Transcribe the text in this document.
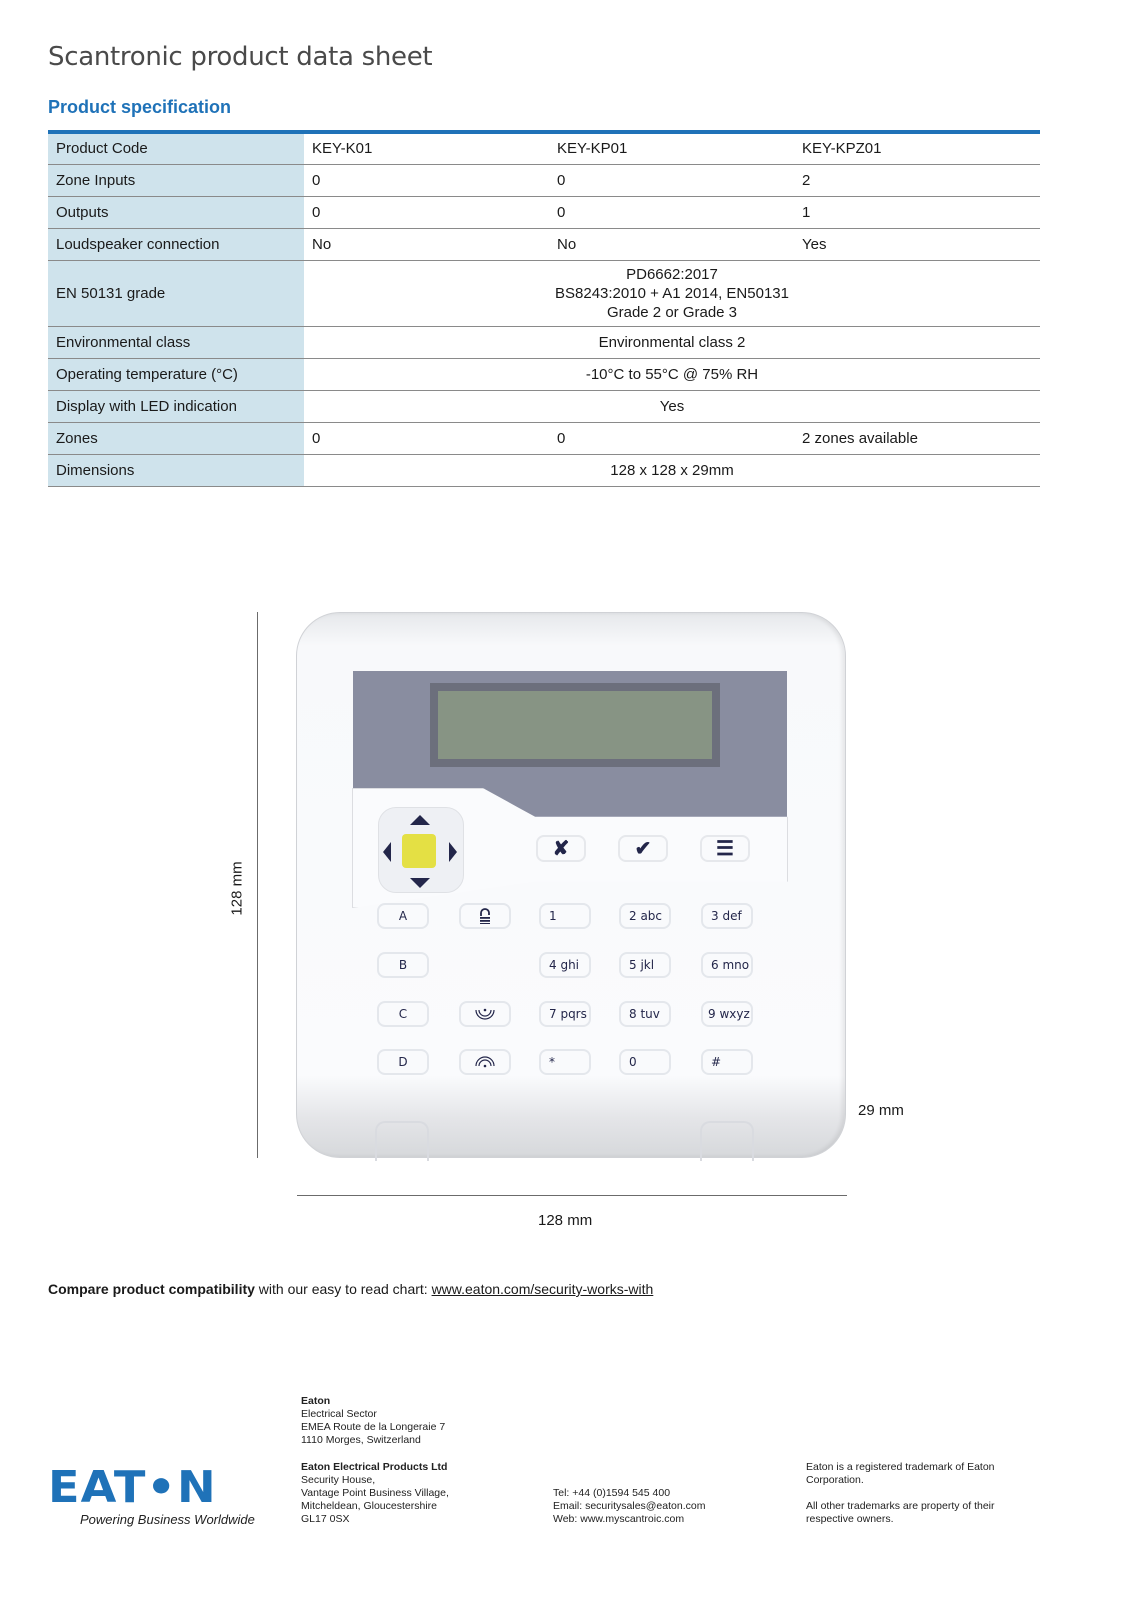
Scantronic product data sheet
Product specification
Product Code	KEY-K01	KEY-KP01	KEY-KPZ01
Zone Inputs	0	0	2
Outputs	0	0	1
Loudspeaker connection	No	No	Yes
EN 50131 grade	PD6662:2017
BS8243:2010 + A1 2014, EN50131
Grade 2 or Grade 3		

Environmental class	Environmental class 2		
Operating temperature (°C)	-10°C to 55°C @ 75% RH		
Display with LED indication	Yes		
Zones	0	0	2 zones available
Dimensions	128 x 128 x 29mm		
128 mm
128 mm
29 mm
✘	✔	☰
A
B
C
D
1	2 abc	3 def
4 ghi	5 jkl	6 mno
7 pqrs	8 tuv	9 wxyz
*	0	#
Compare product compatibility with our easy to read chart: www.eaton.com/security-works-with
EAT•N
Powering Business Worldwide
Eaton
Electrical Sector
EMEA Route de la Longeraie 7
1110 Morges, Switzerland
Eaton Electrical Products Ltd
Security House,
Vantage Point Business Village,
Mitcheldean, Gloucestershire
GL17 0SX
Tel: +44 (0)1594 545 400
Email: securitysales@eaton.com
Web: www.myscantroic.com
Eaton is a registered trademark of Eaton
Corporation.
All other trademarks are property of their
respective owners.
